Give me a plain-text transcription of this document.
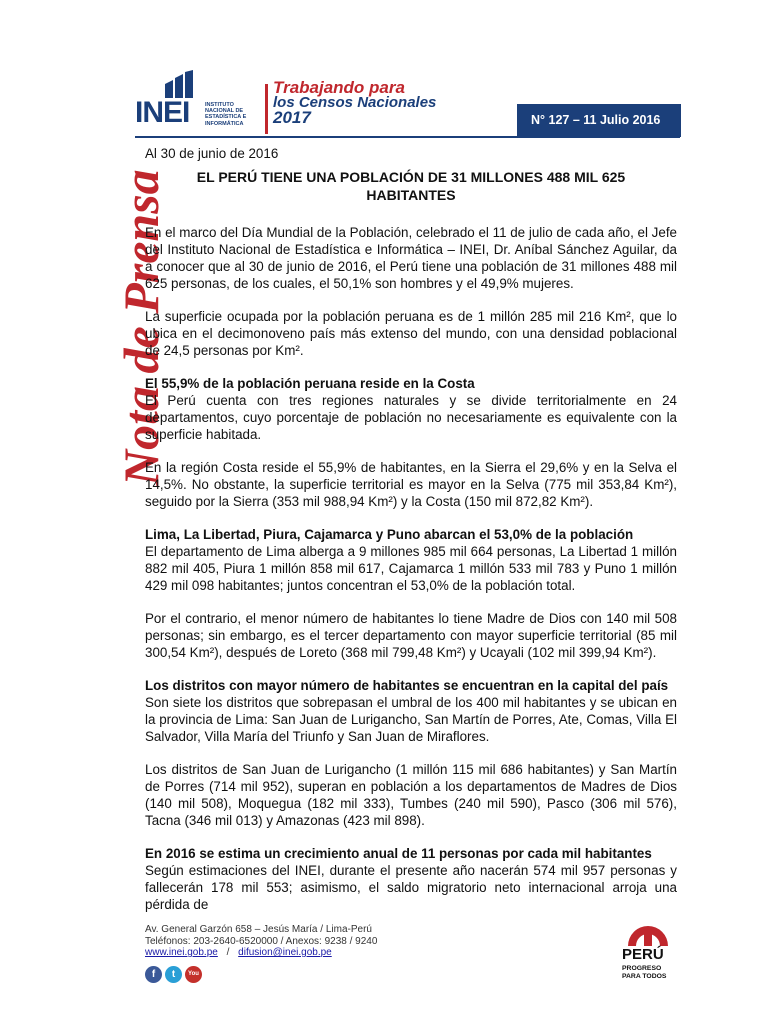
INEI	INSTITUTO
NACIONAL DE
ESTADÍSTICA E
INFORMÁTICA
Trabajando para
los Censos Nacionales
2017	N° 127 – 11 Julio 2016
Nota de Prensa
Al 30 de junio de 2016
EL PERÚ TIENE UNA POBLACIÓN DE 31 MILLONES 488 MIL 625 HABITANTES

En el marco del Día Mundial de la Población, celebrado el 11 de julio de cada año, el Jefe del Instituto Nacional de Estadística e Informática – INEI, Dr. Aníbal Sánchez Aguilar, da a conocer que al 30 de junio de 2016, el Perú tiene una población de 31 millones 488 mil 625 personas, de los cuales, el 50,1% son hombres y el 49,9% mujeres.

La superficie ocupada por la población peruana es de 1 millón 285 mil 216 Km², que lo ubica en el decimonoveno país más extenso del mundo, con una densidad poblacional de 24,5 personas por Km².

El 55,9% de la población peruana reside en la Costa

El Perú cuenta con tres regiones naturales y se divide territorialmente en 24 departamentos, cuyo porcentaje de población no necesariamente es equivalente con la superficie habitada.

En la región Costa reside el 55,9% de habitantes, en la Sierra el 29,6% y en la Selva el 14,5%. No obstante, la superficie territorial es mayor en la Selva (775 mil 353,84 Km²), seguido por la Sierra (353 mil 988,94 Km²) y la Costa (150 mil 872,82 Km²).

Lima, La Libertad, Piura, Cajamarca y Puno abarcan el 53,0% de la población

El departamento de Lima alberga a 9 millones 985 mil 664 personas, La Libertad 1 millón 882 mil 405, Piura 1 millón 858 mil 617, Cajamarca 1 millón 533 mil 783 y Puno 1 millón 429 mil 098 habitantes; juntos concentran el 53,0% de la población total.

Por el contrario, el menor número de habitantes lo tiene Madre de Dios con 140 mil 508 personas; sin embargo, es el tercer departamento con mayor superficie territorial (85 mil 300,54 Km²), después de Loreto (368 mil 799,48 Km²) y Ucayali (102 mil 399,94 Km²).

Los distritos con mayor número de habitantes se encuentran en la capital del país

Son siete los distritos que sobrepasan el umbral de los 400 mil habitantes y se ubican en la provincia de Lima: San Juan de Lurigancho, San Martín de Porres, Ate, Comas, Villa El Salvador, Villa María del Triunfo y San Juan de Miraflores.

Los distritos de San Juan de Lurigancho (1 millón 115 mil 686 habitantes) y San Martín de Porres (714 mil 952), superan en población a los departamentos de Madres de Dios (140 mil 508), Moquegua (182 mil 333), Tumbes (240 mil 590), Pasco (306 mil 576), Tacna (346 mil 013) y Amazonas (423 mil 898).

En 2016 se estima un crecimiento anual de 11 personas por cada mil habitantes

Según estimaciones del INEI, durante el presente año nacerán 574 mil 957 personas y fallecerán 178 mil 553; asimismo, el saldo migratorio neto internacional arroja una pérdida de

Av. General Garzón 658 – Jesús María / Lima-Perú
Teléfonos: 203-2640-6520000 / Anexos: 9238 / 9240
www.inei.gob.pe / difusion@inei.gob.pe
f	t	You
PERÚ
PROGRESO
PARA TODOS
